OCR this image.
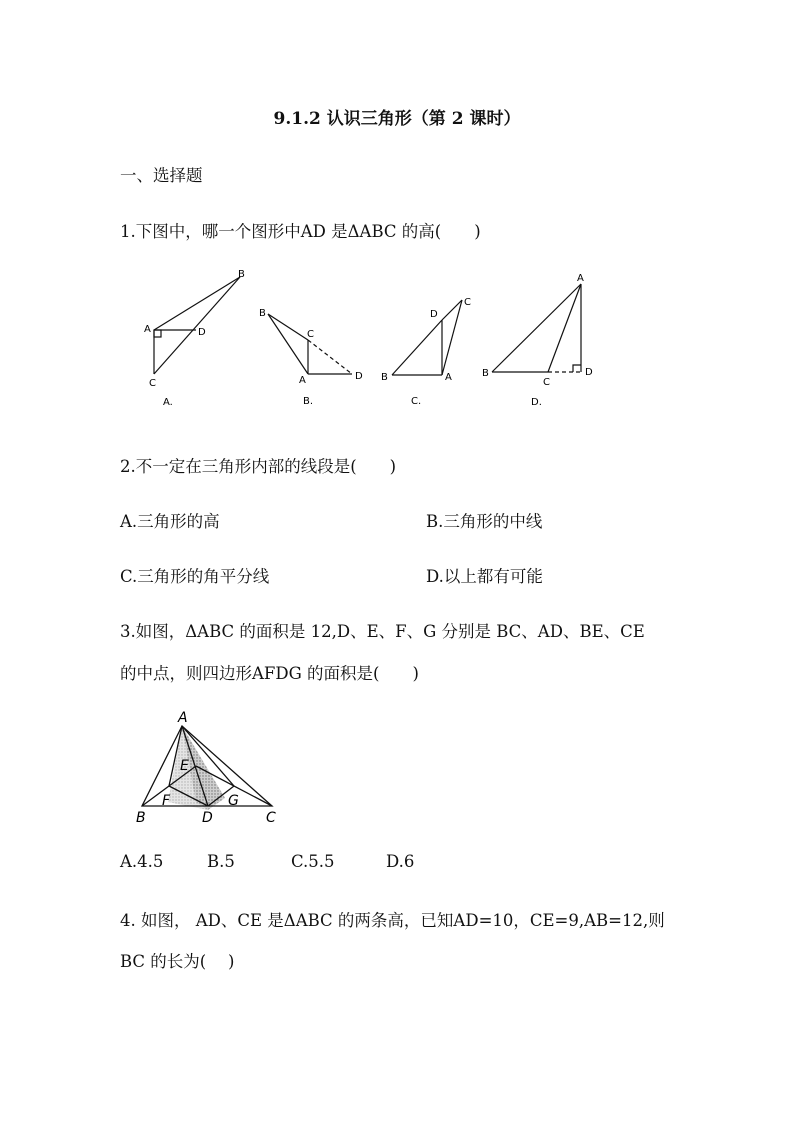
9.1.2 认识三角形（第 2 课时）
一、选择题
1.下图中，哪一个图形中AD 是ΔABC 的高(　　)
B
A	D
C
A.
B
C
A	D
B.
D
C
B	A
C.
A
B
C
D
D.
2.不一定在三角形内部的线段是(　　)
A.三角形的高	B.三角形的中线
C.三角形的角平分线	D.以上都有可能
3.如图，ΔABC 的面积是 12,D、E、F、G 分别是 BC、AD、BE、CE
的中点，则四边形AFDG 的面积是(　　)
A
E
F	G
B	D	C
A.4.5	B.5	C.5.5	D.6
4. 如图， AD、CE 是ΔABC 的两条高，已知AD=10，CE=9,AB=12,则
BC 的长为(　 )
